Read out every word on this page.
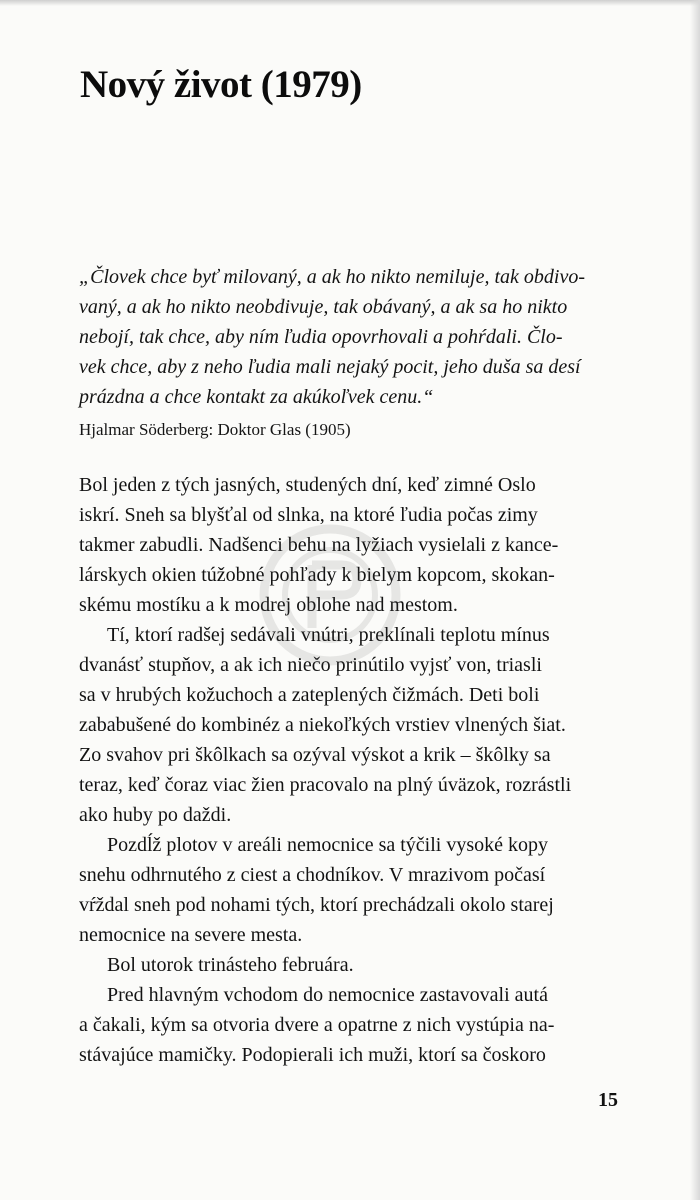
Nový život (1979)

„Človek chce byť milovaný, a ak ho nikto nemiluje, tak obdivo-
vaný, a ak ho nikto neobdivuje, tak obávaný, a ak sa ho nikto
nebojí, tak chce, aby ním ľudia opovrhovali a pohŕdali. Člo-
vek chce, aby z neho ľudia mali nejaký pocit, jeho duša sa desí
prázdna a chce kontakt za akúkoľvek cenu.“

Hjalmar Söderberg: Doktor Glas (1905)

Bol jeden z tých jasných, studených dní, keď zimné Oslo
iskrí. Sneh sa blyšťal od slnka, na ktoré ľudia počas zimy
takmer zabudli. Nadšenci behu na lyžiach vysielali z kance-
lárskych okien túžobné pohľady k bielym kopcom, skokan-
skému mostíku a k modrej oblohe nad mestom.
Tí, ktorí radšej sedávali vnútri, preklínali teplotu mínus
dvanásť stupňov, a ak ich niečo prinútilo vyjsť von, triasli
sa v hrubých kožuchoch a zateplených čižmách. Deti boli
zababušené do kombinéz a niekoľkých vrstiev vlnených šiat.
Zo svahov pri škôlkach sa ozýval výskot a krik – škôlky sa
teraz, keď čoraz viac žien pracovalo na plný úväzok, rozrástli
ako huby po daždi.
Pozdĺž plotov v areáli nemocnice sa týčili vysoké kopy
snehu odhrnutého z ciest a chodníkov. V mrazivom počasí
vŕždal sneh pod nohami tých, ktorí prechádzali okolo starej
nemocnice na severe mesta.
Bol utorok trinásteho februára.
Pred hlavným vchodom do nemocnice zastavovali autá
a čakali, kým sa otvoria dvere a opatrne z nich vystúpia na-
stávajúce mamičky. Podopierali ich muži, ktorí sa čoskoro
15
